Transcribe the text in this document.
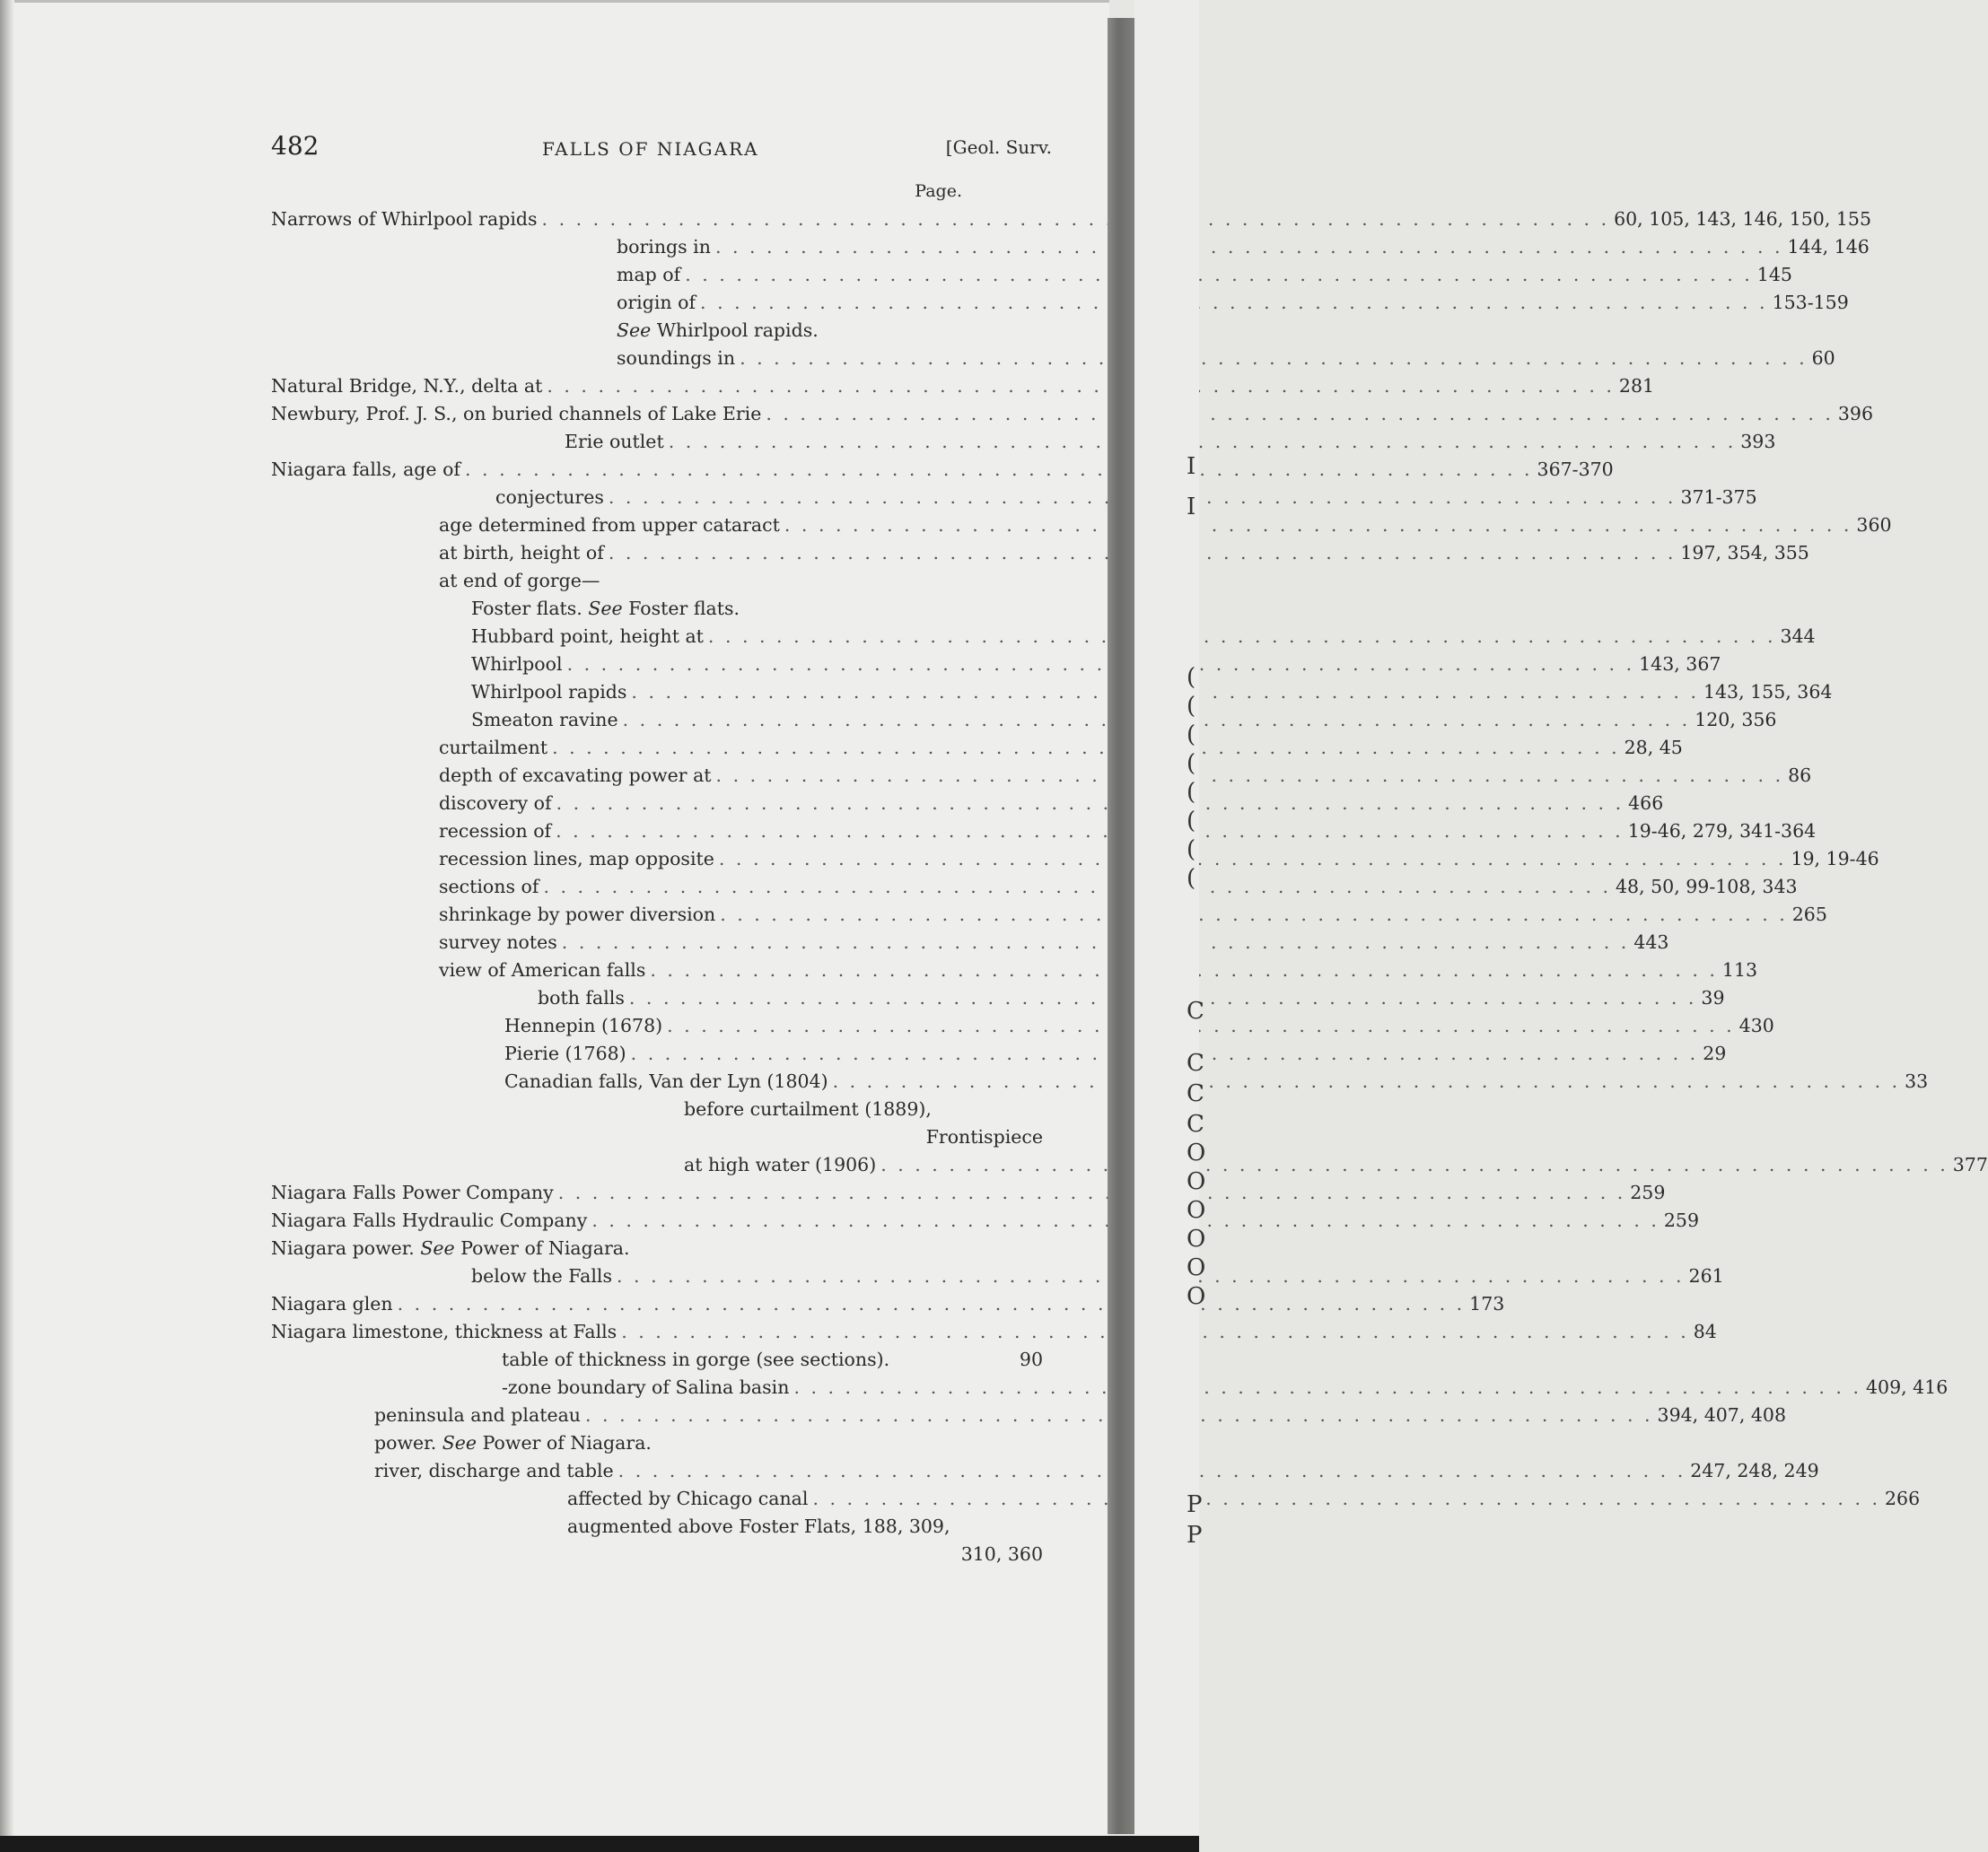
482	FALLS OF NIAGARA	[Geol. Surv.
Page.
Narrows of Whirlpool rapids . . .	60, 105, 143, 146, 150, 155
borings in . . .	144, 146
map of . . .	145
origin of . . .	153-159
See Whirlpool rapids.
soundings in . . .	60
Natural Bridge, N.Y., delta at . . .	281
Newbury, Prof. J. S., on buried channels of Lake Erie . . .	396
Erie outlet . . .	393
Niagara falls, age of . . .	367-370
conjectures . . .	371-375
age determined from upper cataract . . .	360
at birth, height of . . .	197, 354, 355
at end of gorge—
Foster flats. See Foster flats.
Hubbard point, height at . . .	344
Whirlpool . . .	143, 367
Whirlpool rapids . . .	143, 155, 364
Smeaton ravine . . .	120, 356
curtailment . . .	28, 45
depth of excavating power at . . .	86
discovery of . . .	466
recession of . . .	19-46, 279, 341-364
recession lines, map opposite . . .	19, 19-46
sections of . . .	48, 50, 99-108, 343
shrinkage by power diversion . . .	265
survey notes . . .	443
view of American falls . . .	113
both falls . . .	39
Hennepin (1678) . . .	430
Pierie (1768) . . .	29
Canadian falls, Van der Lyn (1804) . . .	33
before curtailment (1889),
Frontispiece
at high water (1906) . . .	377
Niagara Falls Power Company . . .	259
Niagara Falls Hydraulic Company . . .	259
Niagara power. See Power of Niagara.
below the Falls . . .	261
Niagara glen . . .	173
Niagara limestone, thickness at Falls . . .	84
table of thickness in gorge (see sections).	90
-zone boundary of Salina basin . . .	409, 416
peninsula and plateau . . .	394, 407, 408
power. See Power of Niagara.
river, discharge and table . . .	247, 248, 249
affected by Chicago canal . . .	266
augmented above Foster Flats, 188, 309,
310, 360
I
I
(
(
(
(
(
(
(
(
C
C
C
C
O
O
O
O
O
O
P
P
